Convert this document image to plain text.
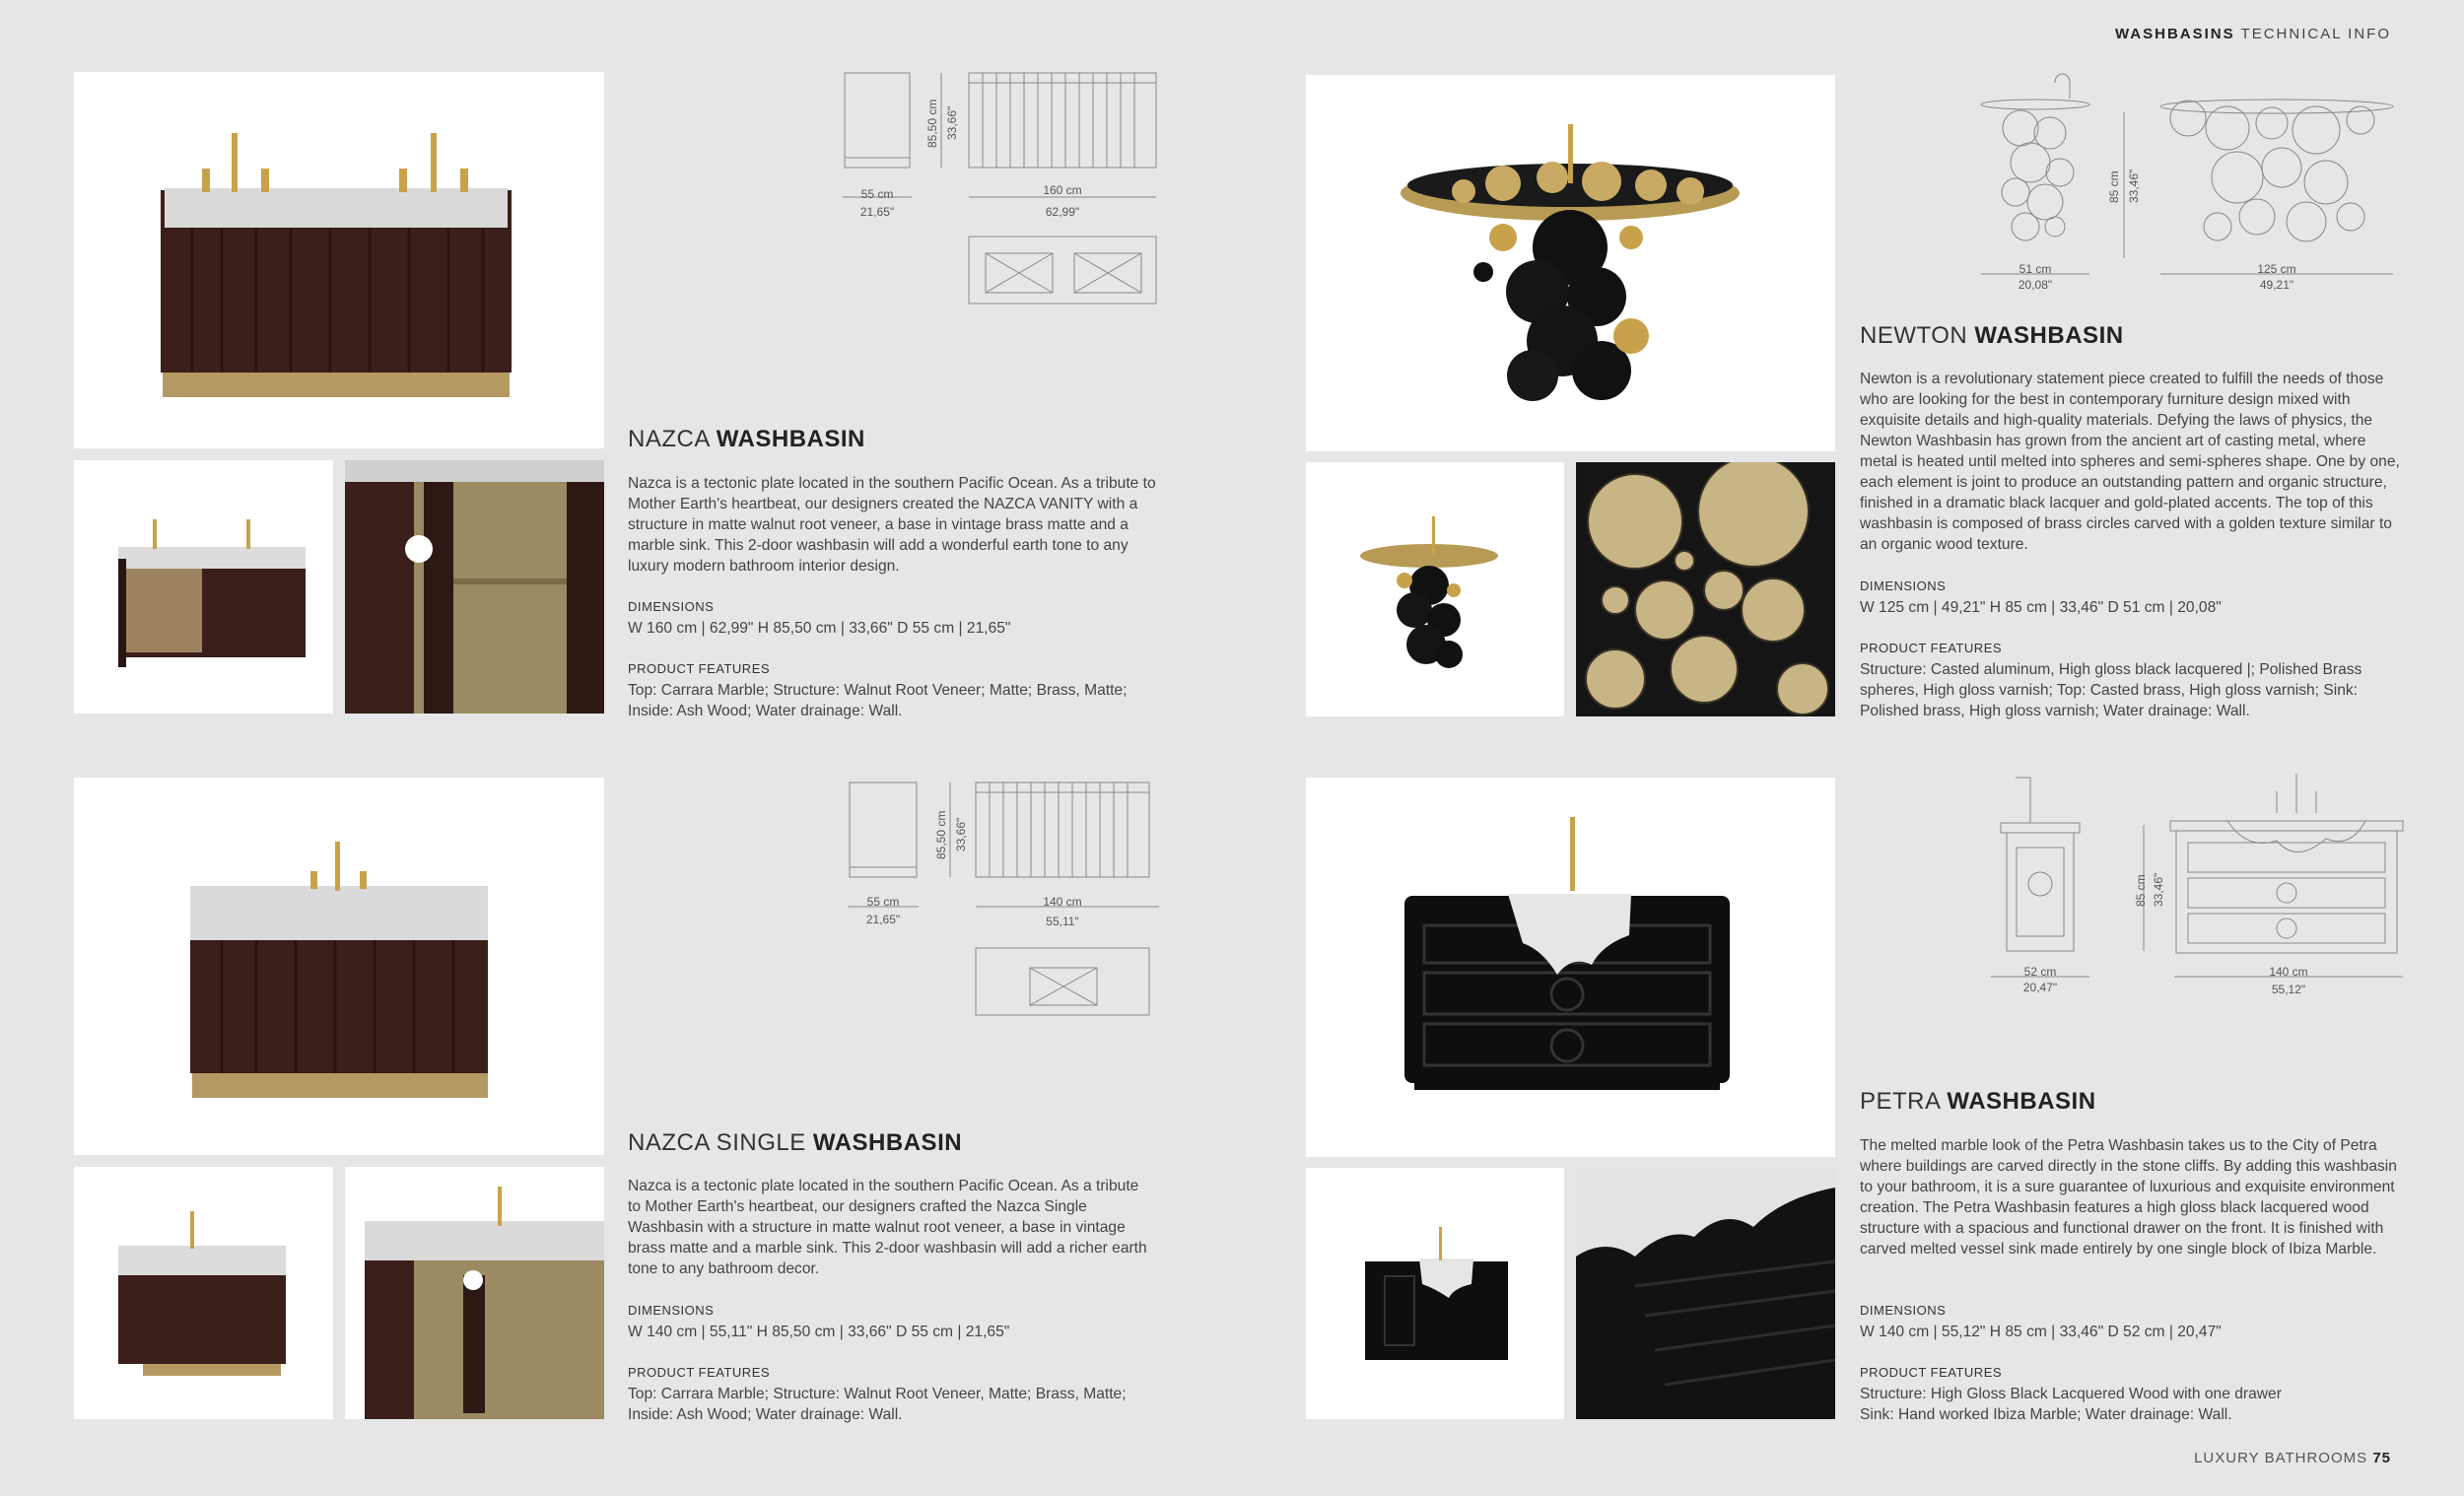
WASHBASINS TECHNICAL INFO
LUXURY BATHROOMS 75
55 cm
21,65"
160 cm
62,99"
85,50 cm 33,66"
NAZCA WASHBASIN
Nazca is a tectonic plate located in the southern Pacific Ocean. As a tribute to Mother Earth's heartbeat, our designers created the NAZCA VANITY with a structure in matte walnut root veneer, a base in vintage brass matte and a marble sink. This 2-door washbasin will add a wonderful earth tone to any luxury modern bathroom interior design.
DIMENSIONS
W 160 cm | 62,99" H 85,50 cm | 33,66" D 55 cm | 21,65"
PRODUCT FEATURES
Top: Carrara Marble; Structure: Walnut Root Veneer; Matte; Brass, Matte; Inside: Ash Wood; Water drainage: Wall.
51 cm
20,08"
125 cm
49,21"
85 cm 33,46"
NEWTON WASHBASIN
Newton is a revolutionary statement piece created to fulfill the needs of those who are looking for the best in contemporary furniture design mixed with exquisite details and high-quality materials. Defying the laws of physics, the Newton Washbasin has grown from the ancient art of casting metal, where metal is heated until melted into spheres and semi-spheres shape. One by one, each element is joint to produce an outstanding pattern and organic structure, finished in a dramatic black lacquer and gold-plated accents. The top of this washbasin is composed of brass circles carved with a golden texture similar to an organic wood texture.
DIMENSIONS
W 125 cm | 49,21" H 85 cm | 33,46" D 51 cm | 20,08"
PRODUCT FEATURES
Structure: Casted aluminum, High gloss black lacquered |; Polished Brass spheres, High gloss varnish; Top: Casted brass, High gloss varnish; Sink: Polished brass, High gloss varnish; Water drainage: Wall.
55 cm
21,65"
140 cm
55,11"
85,50 cm 33,66"
NAZCA SINGLE WASHBASIN
Nazca is a tectonic plate located in the southern Pacific Ocean. As a tribute to Mother Earth's heartbeat, our designers crafted the Nazca Single Washbasin with a structure in matte walnut root veneer, a base in vintage brass matte and a marble sink. This 2-door washbasin will add a richer earth tone to any bathroom decor.
DIMENSIONS
W 140 cm | 55,11" H 85,50 cm | 33,66" D 55 cm | 21,65"
PRODUCT FEATURES
Top: Carrara Marble; Structure: Walnut Root Veneer, Matte; Brass, Matte; Inside: Ash Wood; Water drainage: Wall.
52 cm
20,47"
140 cm
55,12"
85 cm 33,46"
PETRA WASHBASIN
The melted marble look of the Petra Washbasin takes us to the City of Petra where buildings are carved directly in the stone cliffs. By adding this washbasin to your bathroom, it is a sure guarantee of luxurious and exquisite environment creation. The Petra Washbasin features a high gloss black lacquered wood structure with a spacious and functional drawer on the front. It is finished with carved melted vessel sink made entirely by one single block of Ibiza Marble.
DIMENSIONS
W 140 cm | 55,12" H 85 cm | 33,46" D 52 cm | 20,47"
PRODUCT FEATURES
Structure: High Gloss Black Lacquered Wood with one drawer
Sink: Hand worked Ibiza Marble; Water drainage: Wall.
